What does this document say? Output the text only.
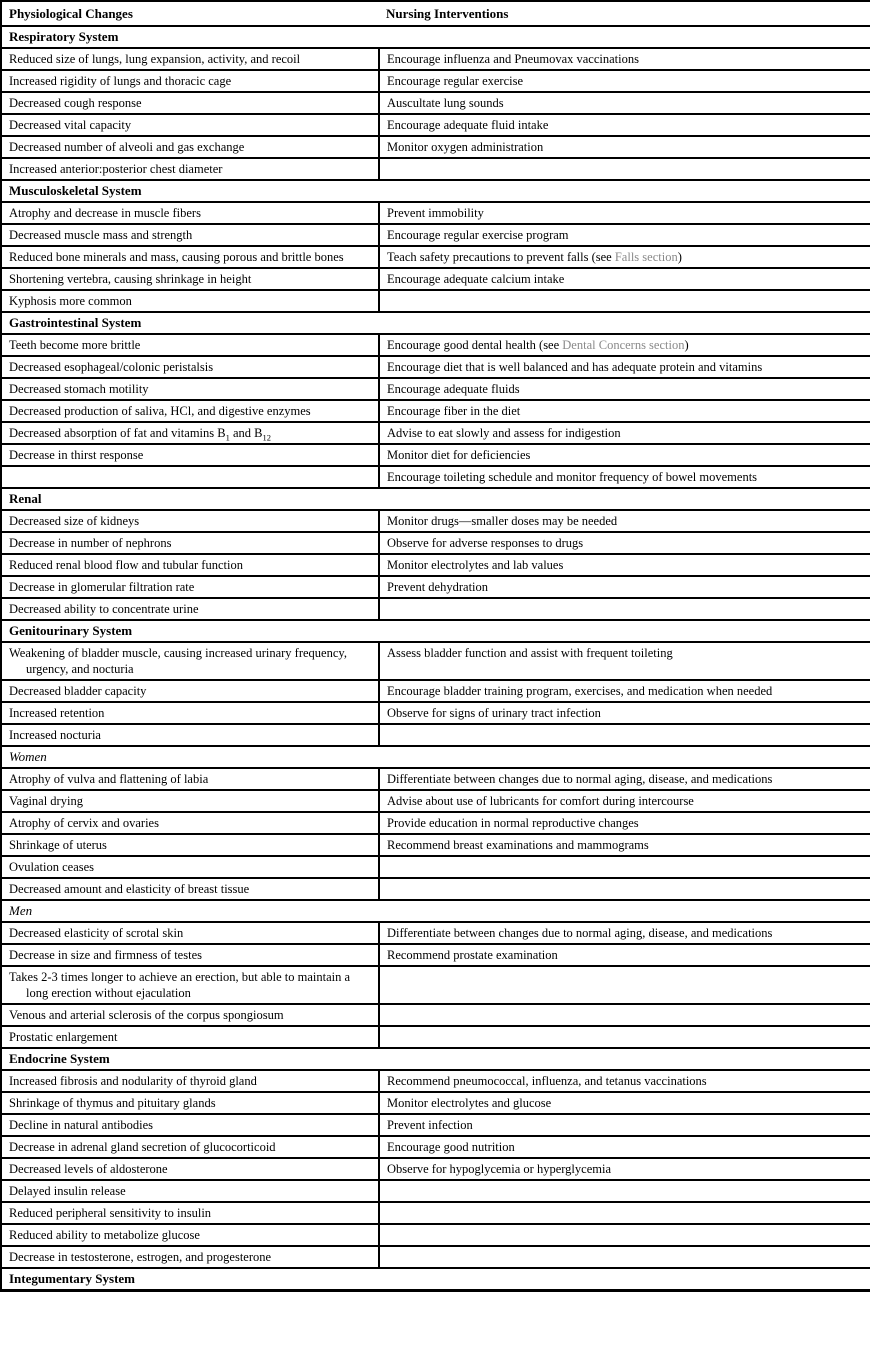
Physiological Changes	Nursing Interventions
Respiratory System	
Reduced size of lungs, lung expansion, activity, and recoil	Encourage influenza and Pneumovax vaccinations
Increased rigidity of lungs and thoracic cage	Encourage regular exercise
Decreased cough response	Auscultate lung sounds
Decreased vital capacity	Encourage adequate fluid intake
Decreased number of alveoli and gas exchange	Monitor oxygen administration
Increased anterior:posterior chest diameter	
Musculoskeletal System	
Atrophy and decrease in muscle fibers	Prevent immobility
Decreased muscle mass and strength	Encourage regular exercise program
Reduced bone minerals and mass, causing porous and brittle bones	Teach safety precautions to prevent falls (see Falls section)
Shortening vertebra, causing shrinkage in height	Encourage adequate calcium intake
Kyphosis more common	
Gastrointestinal System	
Teeth become more brittle	Encourage good dental health (see Dental Concerns section)
Decreased esophageal/colonic peristalsis	Encourage diet that is well balanced and has adequate protein and vitamins
Decreased stomach motility	Encourage adequate fluids
Decreased production of saliva, HCl, and digestive enzymes	Encourage fiber in the diet
Decreased absorption of fat and vitamins $B_1$ and $B_{12}$	Advise to eat slowly and assess for indigestion
Decrease in thirst response	Monitor diet for deficiencies
	Encourage toileting schedule and monitor frequency of bowel movements
Renal	
Decreased size of kidneys	Monitor drugs—smaller doses may be needed
Decrease in number of nephrons	Observe for adverse responses to drugs
Reduced renal blood flow and tubular function	Monitor electrolytes and lab values
Decrease in glomerular filtration rate	Prevent dehydration
Decreased ability to concentrate urine	
Genitourinary System	
Weakening of bladder muscle, causing increased urinary frequency, urgency, and nocturia	Assess bladder function and assist with frequent toileting
Decreased bladder capacity	Encourage bladder training program, exercises, and medication when needed
Increased retention	Observe for signs of urinary tract infection
Increased nocturia	
Women	
Atrophy of vulva and flattening of labia	Differentiate between changes due to normal aging, disease, and medications
Vaginal drying	Advise about use of lubricants for comfort during intercourse
Atrophy of cervix and ovaries	Provide education in normal reproductive changes
Shrinkage of uterus	Recommend breast examinations and mammograms
Ovulation ceases	
Decreased amount and elasticity of breast tissue	
Men	
Decreased elasticity of scrotal skin	Differentiate between changes due to normal aging, disease, and medications
Decrease in size and firmness of testes	Recommend prostate examination
Takes 2-3 times longer to achieve an erection, but able to maintain a long erection without ejaculation	
Venous and arterial sclerosis of the corpus spongiosum	
Prostatic enlargement	
Endocrine System	
Increased fibrosis and nodularity of thyroid gland	Recommend pneumococcal, influenza, and tetanus vaccinations
Shrinkage of thymus and pituitary glands	Monitor electrolytes and glucose
Decline in natural antibodies	Prevent infection
Decrease in adrenal gland secretion of glucocorticoid	Encourage good nutrition
Decreased levels of aldosterone	Observe for hypoglycemia or hyperglycemia
Delayed insulin release	
Reduced peripheral sensitivity to insulin	
Reduced ability to metabolize glucose	
Decrease in testosterone, estrogen, and progesterone	
Integumentary System	
